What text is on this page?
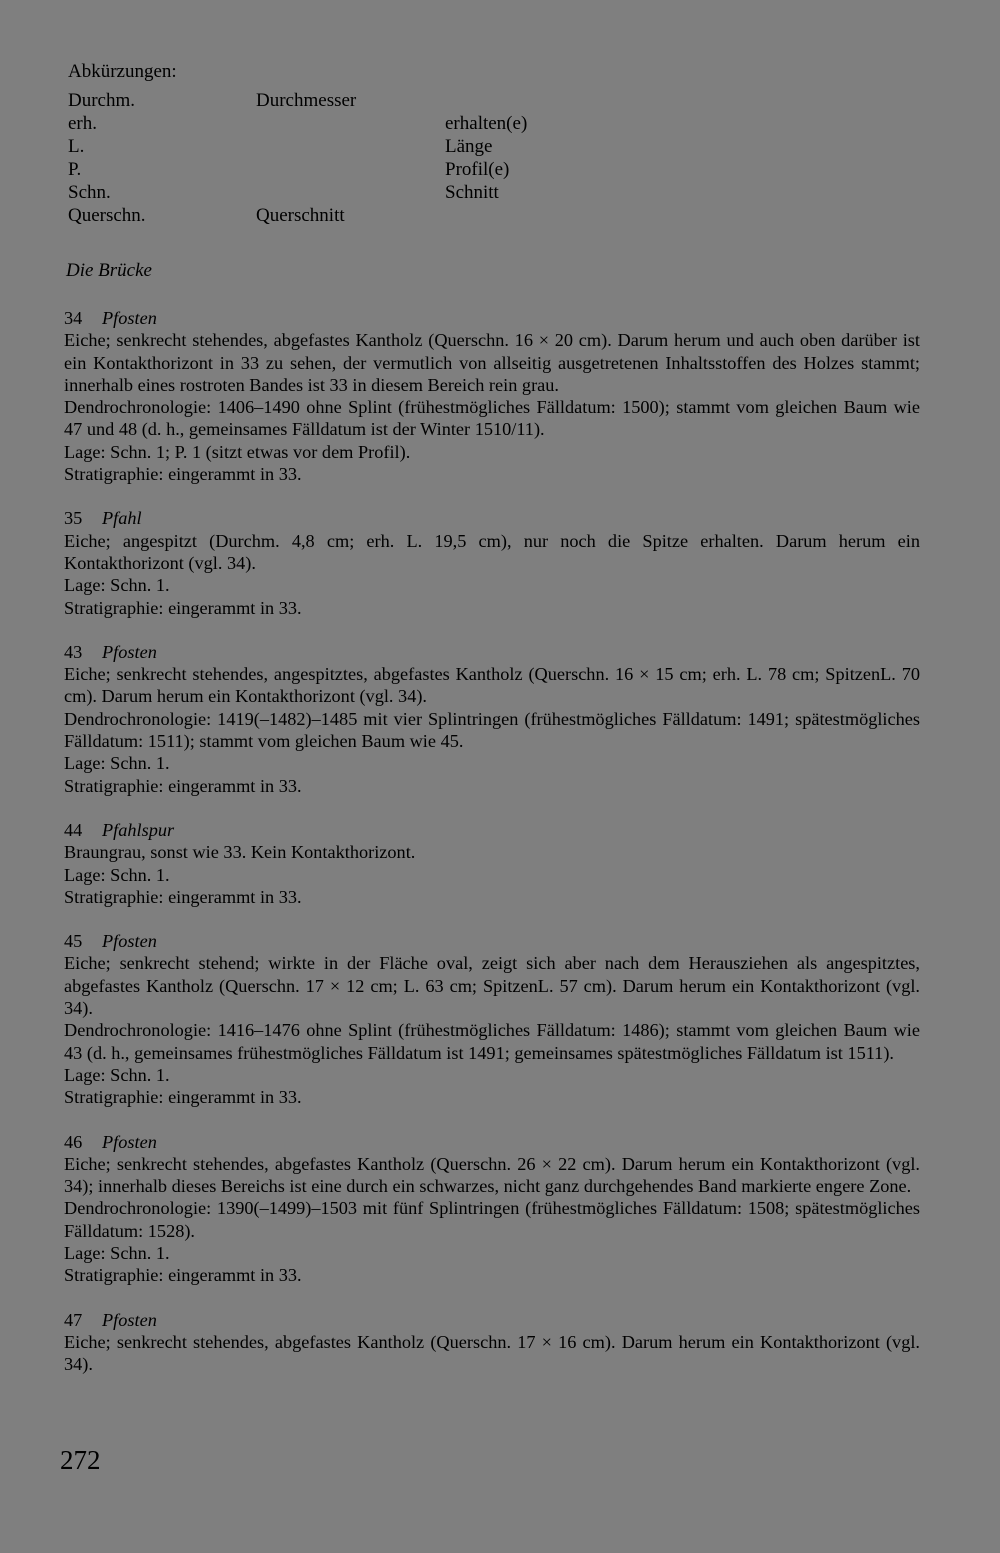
Abkürzungen:
Durchm.	Durchmesser
erh.	erhalten(e)
L.	Länge
P.	Profil(e)
Schn.	Schnitt
Querschn.	Querschnitt
Die Brücke
34 Pfosten

Eiche; senkrecht stehendes, abgefastes Kantholz (Querschn. 16 × 20 cm). Darum herum und auch oben darüber ist ein Kontakthorizont in 33 zu sehen, der vermutlich von allseitig ausgetretenen Inhaltsstoffen des Holzes stammt; innerhalb eines rostroten Bandes ist 33 in diesem Bereich rein grau.

Dendrochronologie: 1406–1490 ohne Splint (frühestmögliches Fälldatum: 1500); stammt vom gleichen Baum wie 47 und 48 (d. h., gemeinsames Fälldatum ist der Winter 1510/11).

Lage: Schn. 1; P. 1 (sitzt etwas vor dem Profil).

Stratigraphie: eingerammt in 33.

35 Pfahl

Eiche; angespitzt (Durchm. 4,8 cm; erh. L. 19,5 cm), nur noch die Spitze erhalten. Darum herum ein Kontakthorizont (vgl. 34).

Lage: Schn. 1.

Stratigraphie: eingerammt in 33.

43 Pfosten

Eiche; senkrecht stehendes, angespitztes, abgefastes Kantholz (Querschn. 16 × 15 cm; erh. L. 78 cm; SpitzenL. 70 cm). Darum herum ein Kontakthorizont (vgl. 34).

Dendrochronologie: 1419(–1482)–1485 mit vier Splintringen (frühestmögliches Fälldatum: 1491; spätestmögliches Fälldatum: 1511); stammt vom gleichen Baum wie 45.

Lage: Schn. 1.

Stratigraphie: eingerammt in 33.

44 Pfahlspur

Braungrau, sonst wie 33. Kein Kontakthorizont.

Lage: Schn. 1.

Stratigraphie: eingerammt in 33.

45 Pfosten

Eiche; senkrecht stehend; wirkte in der Fläche oval, zeigt sich aber nach dem Herausziehen als angespitztes, abgefastes Kantholz (Querschn. 17 × 12 cm; L. 63 cm; SpitzenL. 57 cm). Darum herum ein Kontakthorizont (vgl. 34).

Dendrochronologie: 1416–1476 ohne Splint (frühestmögliches Fälldatum: 1486); stammt vom gleichen Baum wie 43 (d. h., gemeinsames frühestmögliches Fälldatum ist 1491; gemeinsames spätestmögliches Fälldatum ist 1511).

Lage: Schn. 1.

Stratigraphie: eingerammt in 33.

46 Pfosten

Eiche; senkrecht stehendes, abgefastes Kantholz (Querschn. 26 × 22 cm). Darum herum ein Kontakthorizont (vgl. 34); innerhalb dieses Bereichs ist eine durch ein schwarzes, nicht ganz durchgehendes Band markierte engere Zone.

Dendrochronologie: 1390(–1499)–1503 mit fünf Splintringen (frühestmögliches Fälldatum: 1508; spätestmögliches Fälldatum: 1528).

Lage: Schn. 1.

Stratigraphie: eingerammt in 33.

47 Pfosten

Eiche; senkrecht stehendes, abgefastes Kantholz (Querschn. 17 × 16 cm). Darum herum ein Kontakthorizont (vgl. 34).

272
